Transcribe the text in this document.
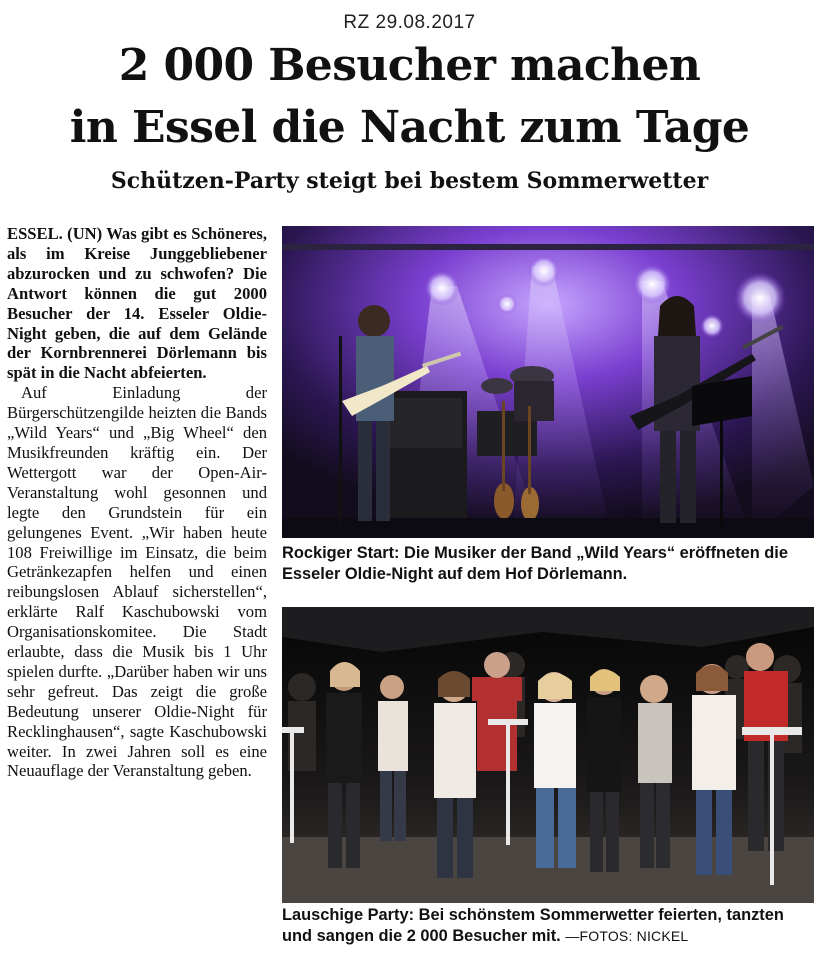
RZ 29.08.2017
2 000 Besucher machen
in Essel die Nacht zum Tage
Schützen-Party steigt bei bestem Sommerwetter

ESSEL. (UN) Was gibt es Schöneres, als im Kreise Junggebliebener abzurocken und zu schwofen? Die Antwort können die gut 2000 Besucher der 14. Esseler Oldie-Night geben, die auf dem Gelände der Kornbrennerei Dörlemann bis spät in die Nacht abfeierten.

Auf Einladung der Bürgerschützengilde heizten die Bands „Wild Years“ und „Big Wheel“ den Musikfreunden kräftig ein. Der Wettergott war der Open-Air-Veranstaltung wohl gesonnen und legte den Grundstein für ein gelungenes Event. „Wir haben heute 108 Freiwillige im Einsatz, die beim Getränkezapfen helfen und einen reibungslosen Ablauf sicherstellen“, erklärte Ralf Kaschubowski vom Organisationskomitee. Die Stadt erlaubte, dass die Musik bis 1 Uhr spielen durfte. „Darüber haben wir uns sehr gefreut. Das zeigt die große Bedeutung unserer Oldie-Night für Recklinghausen“, sagte Kaschubowski weiter. In zwei Jahren soll es eine Neuauflage der Veranstaltung geben.

Rockiger Start: Die Musiker der Band „Wild Years“ eröffneten die Esseler Oldie-Night auf dem Hof Dörlemann.
Lauschige Party: Bei schönstem Sommerwetter feierten, tanzten und sangen die 2 000 Besucher mit. —FOTOS: NICKEL
